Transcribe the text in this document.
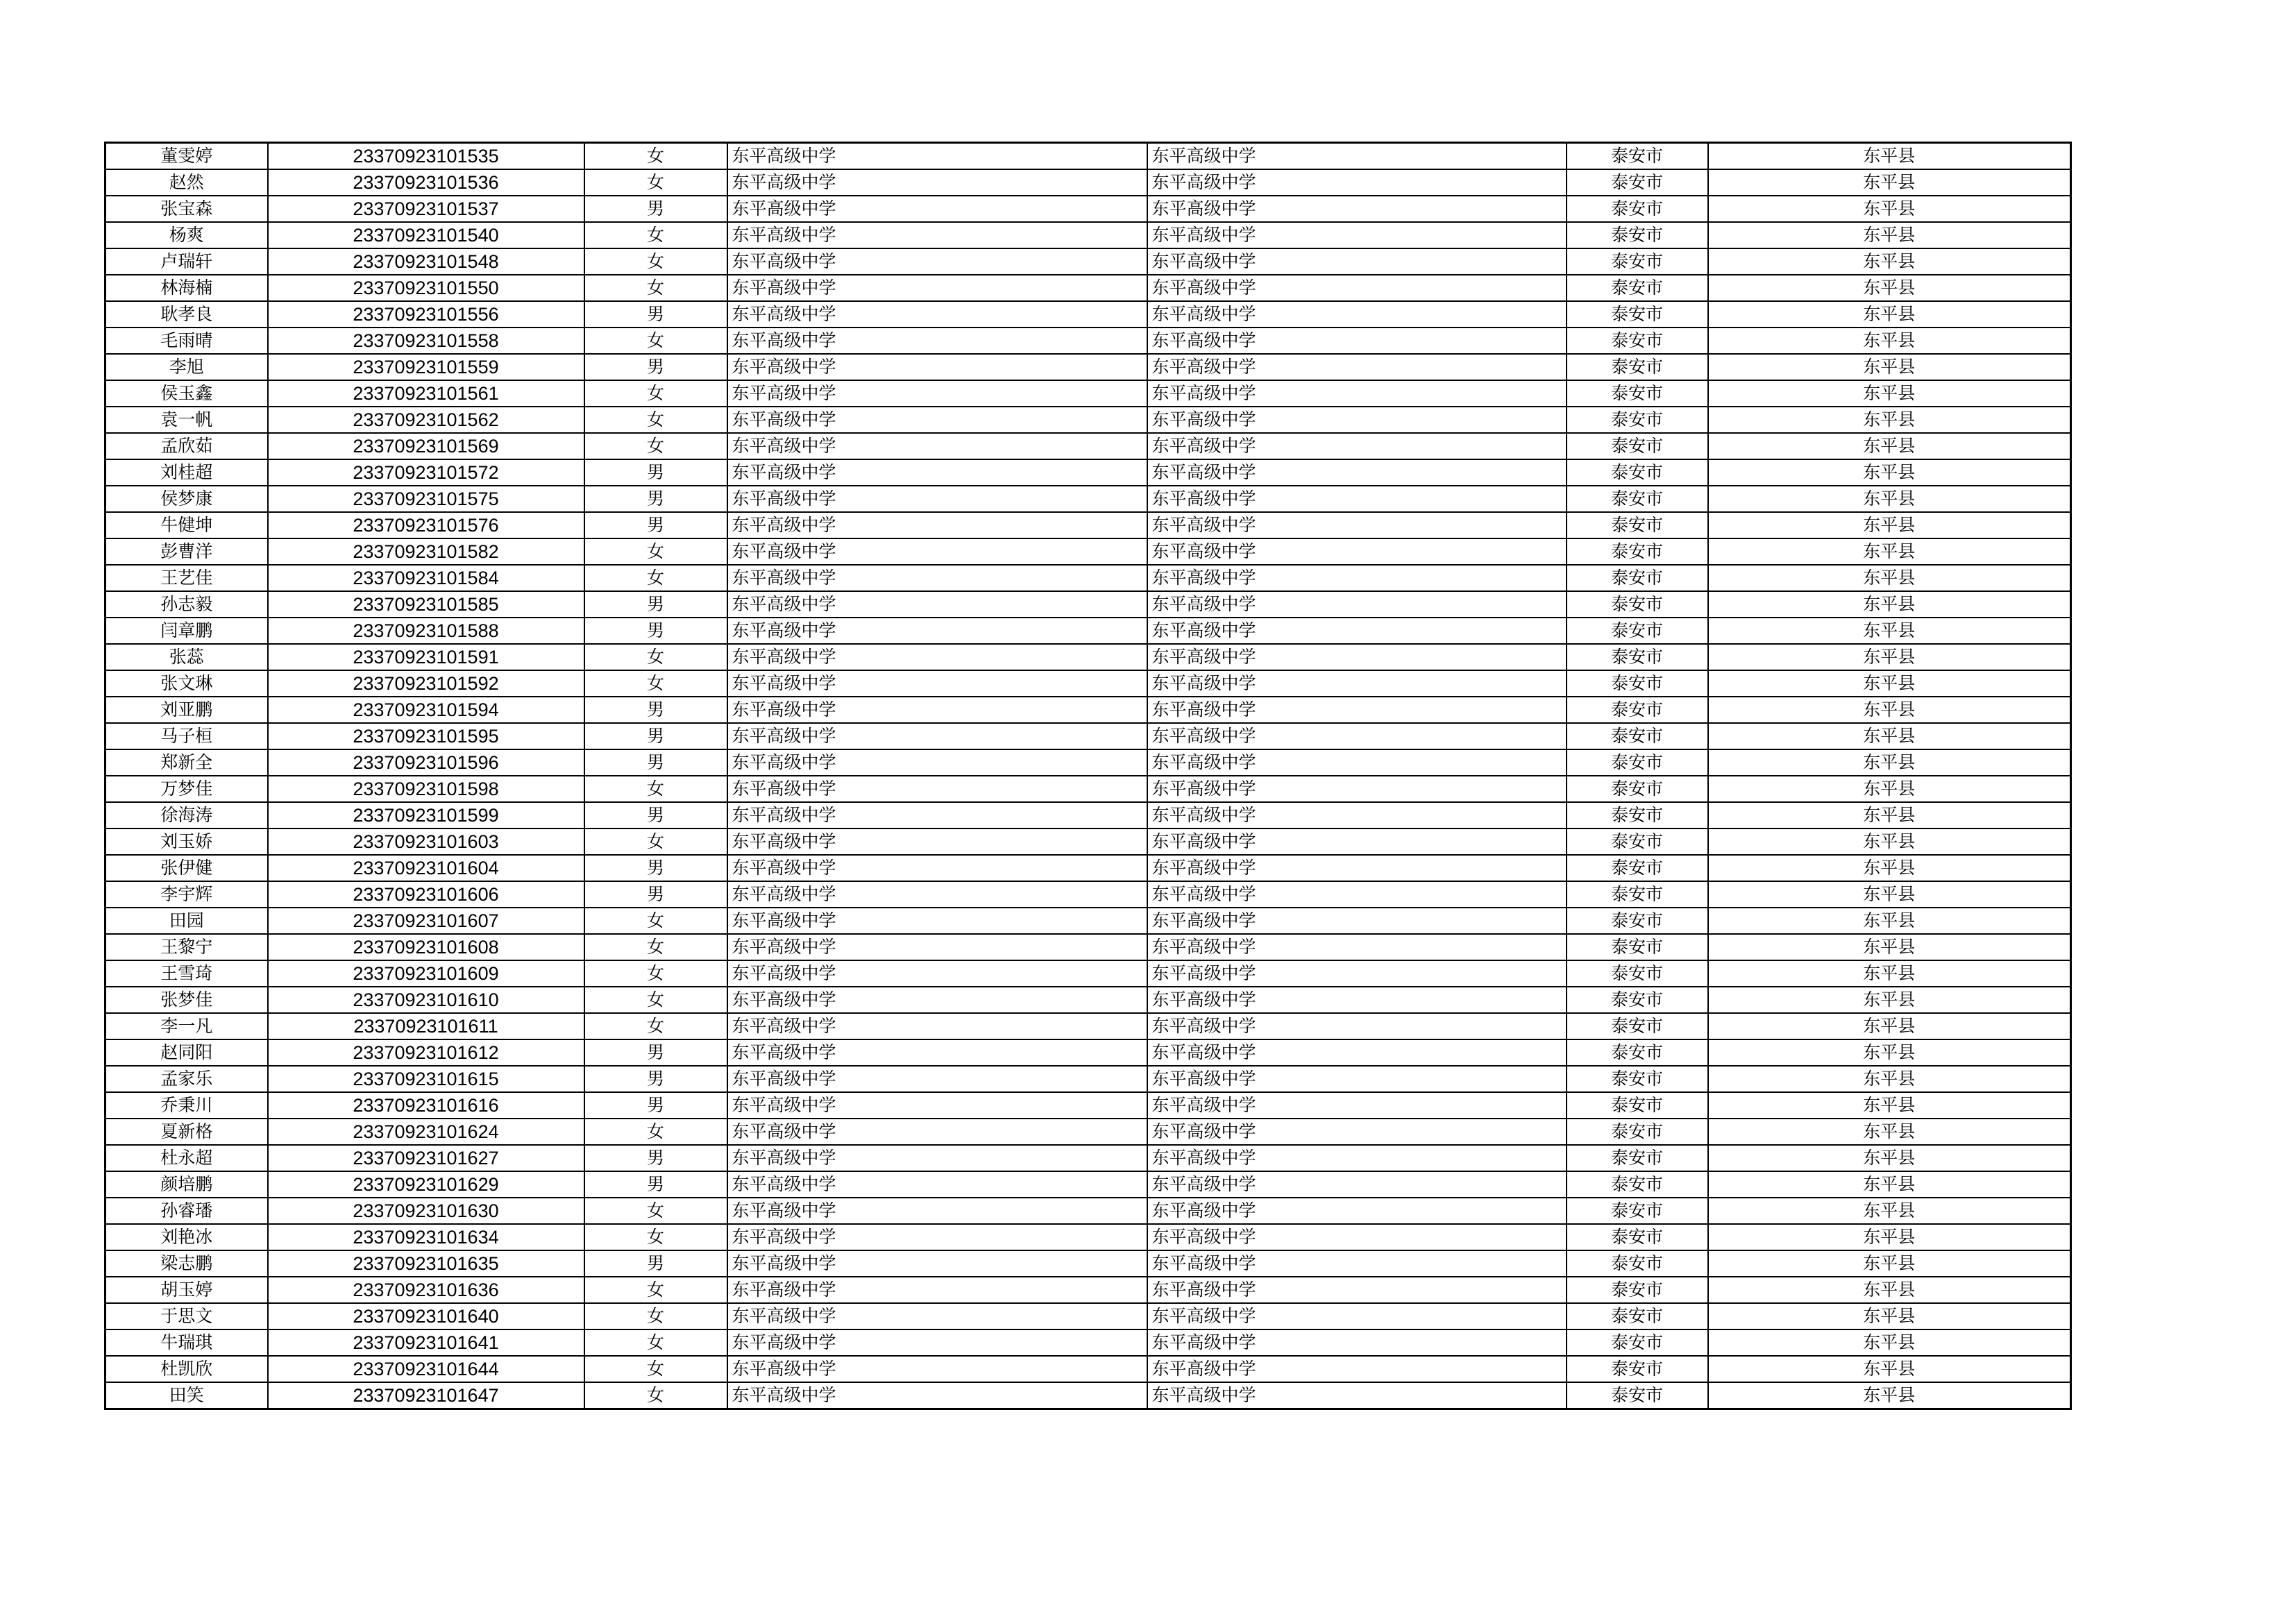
董雯婷	23370923101535	女	东平高级中学	东平高级中学	泰安市	东平县
赵然	23370923101536	女	东平高级中学	东平高级中学	泰安市	东平县
张宝森	23370923101537	男	东平高级中学	东平高级中学	泰安市	东平县
杨爽	23370923101540	女	东平高级中学	东平高级中学	泰安市	东平县
卢瑞轩	23370923101548	女	东平高级中学	东平高级中学	泰安市	东平县
林海楠	23370923101550	女	东平高级中学	东平高级中学	泰安市	东平县
耿孝良	23370923101556	男	东平高级中学	东平高级中学	泰安市	东平县
毛雨晴	23370923101558	女	东平高级中学	东平高级中学	泰安市	东平县
李旭	23370923101559	男	东平高级中学	东平高级中学	泰安市	东平县
侯玉鑫	23370923101561	女	东平高级中学	东平高级中学	泰安市	东平县
袁一帆	23370923101562	女	东平高级中学	东平高级中学	泰安市	东平县
孟欣茹	23370923101569	女	东平高级中学	东平高级中学	泰安市	东平县
刘桂超	23370923101572	男	东平高级中学	东平高级中学	泰安市	东平县
侯梦康	23370923101575	男	东平高级中学	东平高级中学	泰安市	东平县
牛健坤	23370923101576	男	东平高级中学	东平高级中学	泰安市	东平县
彭曹洋	23370923101582	女	东平高级中学	东平高级中学	泰安市	东平县
王艺佳	23370923101584	女	东平高级中学	东平高级中学	泰安市	东平县
孙志毅	23370923101585	男	东平高级中学	东平高级中学	泰安市	东平县
闫章鹏	23370923101588	男	东平高级中学	东平高级中学	泰安市	东平县
张蕊	23370923101591	女	东平高级中学	东平高级中学	泰安市	东平县
张文琳	23370923101592	女	东平高级中学	东平高级中学	泰安市	东平县
刘亚鹏	23370923101594	男	东平高级中学	东平高级中学	泰安市	东平县
马子桓	23370923101595	男	东平高级中学	东平高级中学	泰安市	东平县
郑新全	23370923101596	男	东平高级中学	东平高级中学	泰安市	东平县
万梦佳	23370923101598	女	东平高级中学	东平高级中学	泰安市	东平县
徐海涛	23370923101599	男	东平高级中学	东平高级中学	泰安市	东平县
刘玉娇	23370923101603	女	东平高级中学	东平高级中学	泰安市	东平县
张伊健	23370923101604	男	东平高级中学	东平高级中学	泰安市	东平县
李宇辉	23370923101606	男	东平高级中学	东平高级中学	泰安市	东平县
田园	23370923101607	女	东平高级中学	东平高级中学	泰安市	东平县
王黎宁	23370923101608	女	东平高级中学	东平高级中学	泰安市	东平县
王雪琦	23370923101609	女	东平高级中学	东平高级中学	泰安市	东平县
张梦佳	23370923101610	女	东平高级中学	东平高级中学	泰安市	东平县
李一凡	23370923101611	女	东平高级中学	东平高级中学	泰安市	东平县
赵同阳	23370923101612	男	东平高级中学	东平高级中学	泰安市	东平县
孟家乐	23370923101615	男	东平高级中学	东平高级中学	泰安市	东平县
乔秉川	23370923101616	男	东平高级中学	东平高级中学	泰安市	东平县
夏新格	23370923101624	女	东平高级中学	东平高级中学	泰安市	东平县
杜永超	23370923101627	男	东平高级中学	东平高级中学	泰安市	东平县
颜培鹏	23370923101629	男	东平高级中学	东平高级中学	泰安市	东平县
孙睿璠	23370923101630	女	东平高级中学	东平高级中学	泰安市	东平县
刘艳冰	23370923101634	女	东平高级中学	东平高级中学	泰安市	东平县
梁志鹏	23370923101635	男	东平高级中学	东平高级中学	泰安市	东平县
胡玉婷	23370923101636	女	东平高级中学	东平高级中学	泰安市	东平县
于思文	23370923101640	女	东平高级中学	东平高级中学	泰安市	东平县
牛瑞琪	23370923101641	女	东平高级中学	东平高级中学	泰安市	东平县
杜凯欣	23370923101644	女	东平高级中学	东平高级中学	泰安市	东平县
田笑	23370923101647	女	东平高级中学	东平高级中学	泰安市	东平县
